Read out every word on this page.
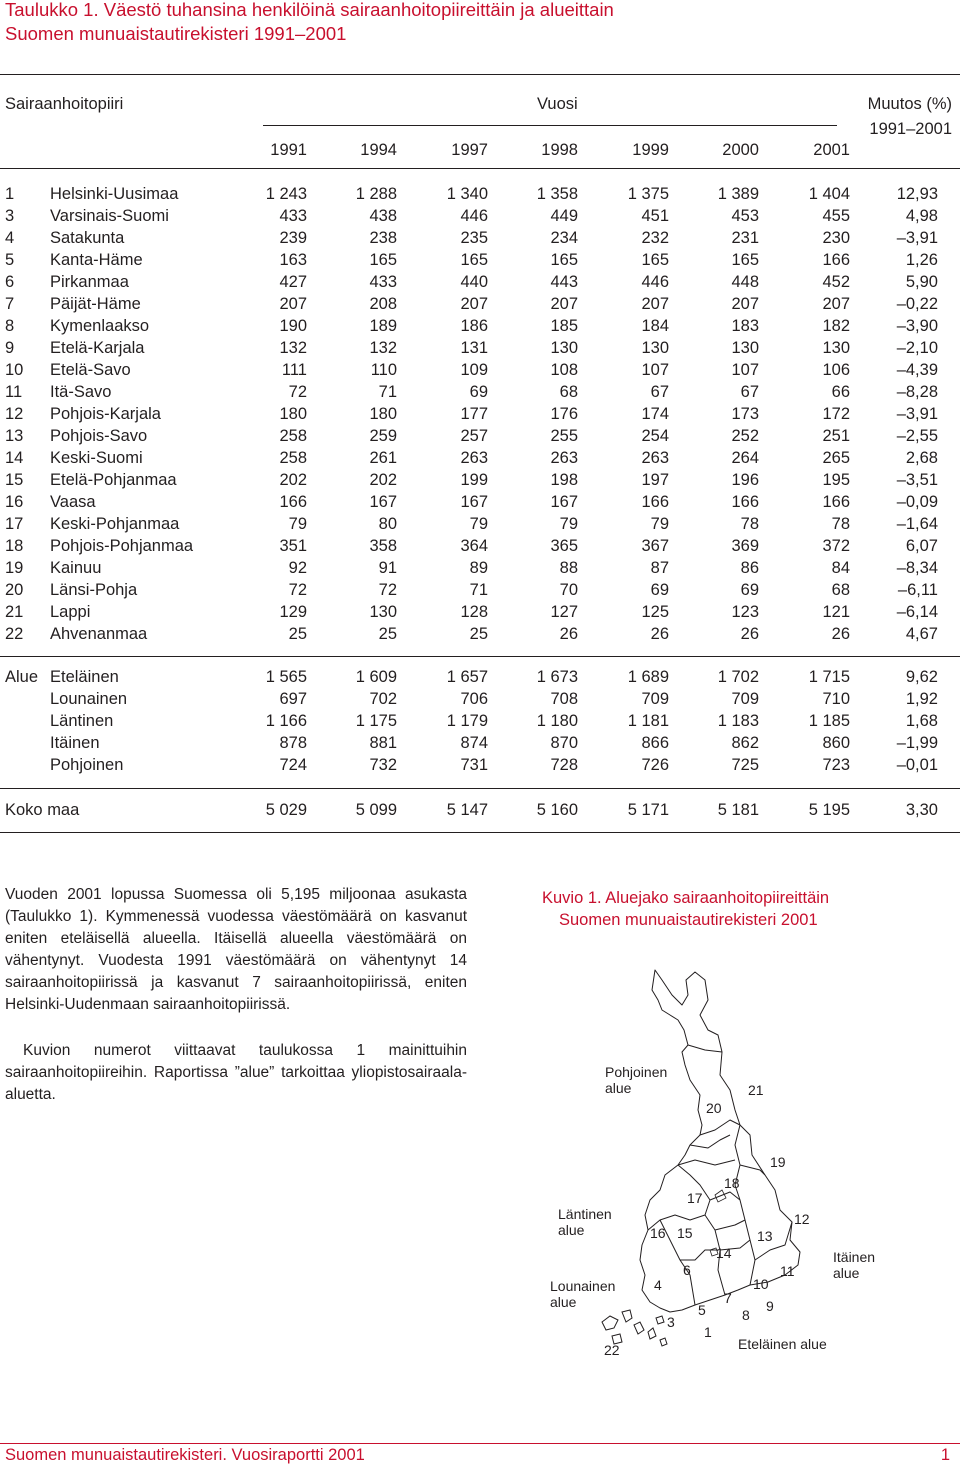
Taulukko 1. Väestö tuhansina henkilöinä sairaanhoitopiireittäin ja alueittain
Suomen munuaistautirekisteri 1991–2001
Sairaanhoitopiiri	Vuosi	Muutos (%)
1991–2001
1991	1994	1997	1998	1999	2000	2001
1 Helsinki-Uusimaa	1 243	1 288	1 340	1 358	1 375	1 389	1 404	12,93
3 Varsinais-Suomi	433	438	446	449	451	453	455	4,98
4 Satakunta	239	238	235	234	232	231	230	–3,91
5 Kanta-Häme	163	165	165	165	165	165	166	1,26
6 Pirkanmaa	427	433	440	443	446	448	452	5,90
7 Päijät-Häme	207	208	207	207	207	207	207	–0,22
8 Kymenlaakso	190	189	186	185	184	183	182	–3,90
9 Etelä-Karjala	132	132	131	130	130	130	130	–2,10
10 Etelä-Savo	111	110	109	108	107	107	106	–4,39
11 Itä-Savo	72	71	69	68	67	67	66	–8,28
12 Pohjois-Karjala	180	180	177	176	174	173	172	–3,91
13 Pohjois-Savo	258	259	257	255	254	252	251	–2,55
14 Keski-Suomi	258	261	263	263	263	264	265	2,68
15 Etelä-Pohjanmaa	202	202	199	198	197	196	195	–3,51
16 Vaasa	166	167	167	167	166	166	166	–0,09
17 Keski-Pohjanmaa	79	80	79	79	79	78	78	–1,64
18 Pohjois-Pohjanmaa	351	358	364	365	367	369	372	6,07
19 Kainuu	92	91	89	88	87	86	84	–8,34
20 Länsi-Pohja	72	72	71	70	69	69	68	–6,11
21 Lappi	129	130	128	127	125	123	121	–6,14
22 Ahvenanmaa	25	25	25	26	26	26	26	4,67
Alue Eteläinen	1 565	1 609	1 657	1 673	1 689	1 702	1 715	9,62
Lounainen	697	702	706	708	709	709	710	1,92
Läntinen	1 166	1 175	1 179	1 180	1 181	1 183	1 185	1,68
Itäinen	878	881	874	870	866	862	860	–1,99
Pohjoinen	724	732	731	728	726	725	723	–0,01
Koko maa	5 029	5 099	5 147	5 160	5 171	5 181	5 195	3,30
Vuoden 2001 lopussa Suomessa oli 5,195 miljoonaa asukasta (Taulukko 1). Kymmenessä vuodessa väestömäärä on kasvanut eniten eteläisellä alueella. Itäisellä alueella väestömäärä on vähentynyt. Vuodesta 1991 väestömäärä on vähentynyt 14 sairaanhoitopiirissä ja kasvanut 7 sairaanhoitopiirissä, eniten Helsinki-Uudenmaan sairaanhoitopiirissä.
Kuvion numerot viittaavat taulukossa 1 mainittuihin sairaanhoitopiireihin. Raportissa ”alue” tarkoittaa yliopistosairaala-aluetta.
Kuvio 1. Aluejako sairaanhoitopiireittäin
Suomen munuaistautirekisteri 2001
Pohjoinen
alue
Läntinen
alue
Lounainen
alue
Itäinen
alue
Eteläinen alue
21
20
19
18
17
12
16 15	13
14
6	11
10
4
7
5	9
8
3
1
22
Suomen munuaistautirekisteri. Vuosiraportti 2001	1
